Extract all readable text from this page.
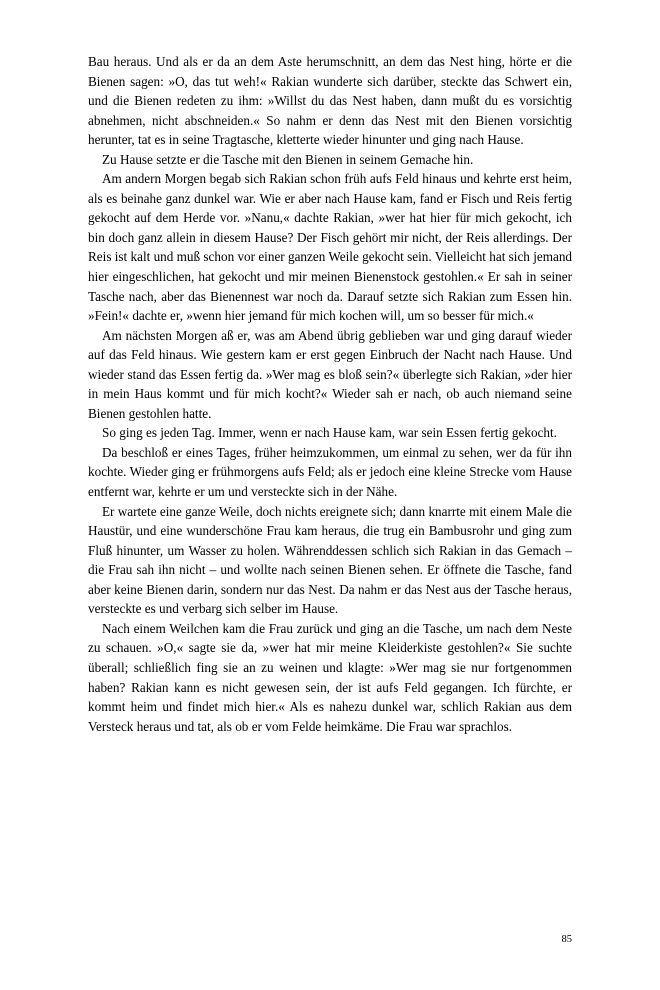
Bau heraus. Und als er da an dem Aste herumschnitt, an dem das Nest hing, hörte er die Bienen sagen: »O, das tut weh!« Rakian wunderte sich darüber, steckte das Schwert ein, und die Bienen redeten zu ihm: »Willst du das Nest haben, dann mußt du es vorsichtig abnehmen, nicht abschneiden.« So nahm er denn das Nest mit den Bienen vorsichtig herunter, tat es in seine Tragtasche, kletterte wieder hinunter und ging nach Hause.

Zu Hause setzte er die Tasche mit den Bienen in seinem Gemache hin.

Am andern Morgen begab sich Rakian schon früh aufs Feld hinaus und kehrte erst heim, als es beinahe ganz dunkel war. Wie er aber nach Hause kam, fand er Fisch und Reis fertig gekocht auf dem Herde vor. »Nanu,« dachte Rakian, »wer hat hier für mich gekocht, ich bin doch ganz allein in diesem Hause? Der Fisch gehört mir nicht, der Reis allerdings. Der Reis ist kalt und muß schon vor einer ganzen Weile gekocht sein. Vielleicht hat sich jemand hier eingeschlichen, hat gekocht und mir meinen Bienenstock gestohlen.« Er sah in seiner Tasche nach, aber das Bienennest war noch da. Darauf setzte sich Rakian zum Essen hin. »Fein!« dachte er, »wenn hier jemand für mich kochen will, um so besser für mich.«

Am nächsten Morgen aß er, was am Abend übrig geblieben war und ging darauf wieder auf das Feld hinaus. Wie gestern kam er erst gegen Einbruch der Nacht nach Hause. Und wieder stand das Essen fertig da. »Wer mag es bloß sein?« überlegte sich Rakian, »der hier in mein Haus kommt und für mich kocht?« Wieder sah er nach, ob auch niemand seine Bienen gestohlen hatte.

So ging es jeden Tag. Immer, wenn er nach Hause kam, war sein Essen fertig gekocht.

Da beschloß er eines Tages, früher heimzukommen, um einmal zu sehen, wer da für ihn kochte. Wieder ging er frühmorgens aufs Feld; als er jedoch eine kleine Strecke vom Hause entfernt war, kehrte er um und versteckte sich in der Nähe.

Er wartete eine ganze Weile, doch nichts ereignete sich; dann knarrte mit einem Male die Haustür, und eine wunderschöne Frau kam heraus, die trug ein Bambusrohr und ging zum Fluß hinunter, um Wasser zu holen. Währenddessen schlich sich Rakian in das Gemach – die Frau sah ihn nicht – und wollte nach seinen Bienen sehen. Er öffnete die Tasche, fand aber keine Bienen darin, sondern nur das Nest. Da nahm er das Nest aus der Tasche heraus, versteckte es und verbarg sich selber im Hause.

Nach einem Weilchen kam die Frau zurück und ging an die Tasche, um nach dem Neste zu schauen. »O,« sagte sie da, »wer hat mir meine Kleiderkiste gestohlen?« Sie suchte überall; schließlich fing sie an zu weinen und klagte: »Wer mag sie nur fortgenommen haben? Rakian kann es nicht gewesen sein, der ist aufs Feld gegangen. Ich fürchte, er kommt heim und findet mich hier.« Als es nahezu dunkel war, schlich Rakian aus dem Versteck heraus und tat, als ob er vom Felde heimkäme. Die Frau war sprachlos.

85
